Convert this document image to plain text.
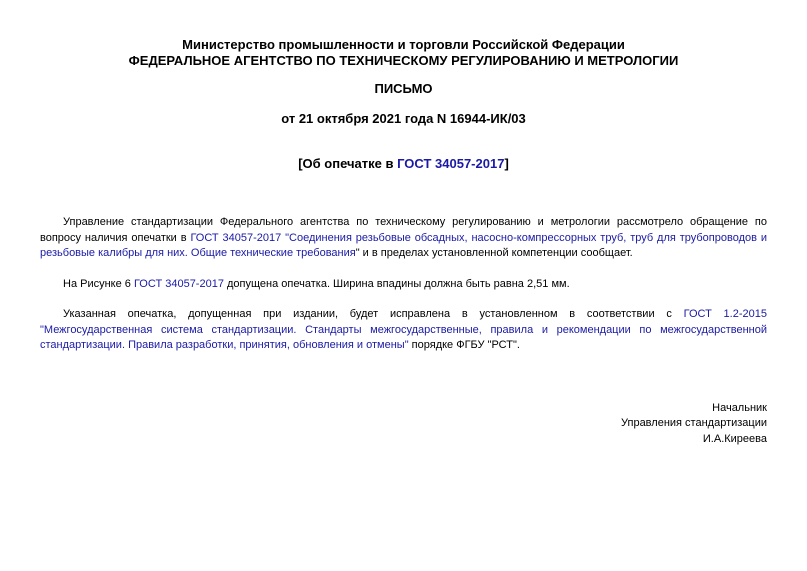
Министерство промышленности и торговли Российской Федерации
ФЕДЕРАЛЬНОЕ АГЕНТСТВО ПО ТЕХНИЧЕСКОМУ РЕГУЛИРОВАНИЮ И МЕТРОЛОГИИ
ПИСЬМО
от 21 октября 2021 года N 16944-ИК/03
[Об опечатке в ГОСТ 34057-2017]
Управление стандартизации Федерального агентства по техническому регулированию и метрологии рассмотрело обращение по вопросу наличия опечатки в ГОСТ 34057-2017 "Соединения резьбовые обсадных, насосно-компрессорных труб, труб для трубопроводов и резьбовые калибры для них. Общие технические требования" и в пределах установленной компетенции сообщает.
На Рисунке 6 ГОСТ 34057-2017 допущена опечатка. Ширина впадины должна быть равна 2,51 мм.
Указанная опечатка, допущенная при издании, будет исправлена в установленном в соответствии с ГОСТ 1.2-2015 "Межгосударственная система стандартизации. Стандарты межгосударственные, правила и рекомендации по межгосударственной стандартизации. Правила разработки, принятия, обновления и отмены" порядке ФГБУ "РСТ".
Начальник
Управления стандартизации
И.А.Киреева
